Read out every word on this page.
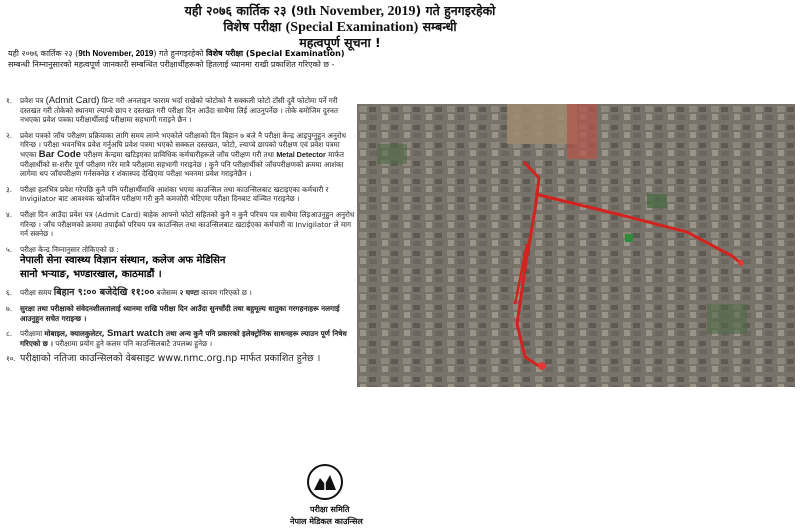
यही २०७६ कार्तिक २३ (9th November, 2019) गते हुनगइरहेको
विशेष परीक्षा (Special Examination) सम्बन्धी
महत्वपूर्ण सूचना !
यही २०७६ कार्तिक २३ (9th November, 2019) गते हुनगइरहेको विशेष परीक्षा (Special Examination) सम्बन्धी निम्नानुसारको महत्वपूर्ण जानकारी सम्बन्धित परीक्षार्थीहरूको हितलाई ध्यानमा राखी प्रकाशित गरिएको छ -
१. प्रवेश पत्र (Admit Card) प्रिन्ट गरी अनलाइन फाराम भर्दा राखेको फोटोको नै सक्कली फोटो टाँसी दुवै फोटोमा पर्ने गरी दस्तखत गरी तोकेको स्थानमा ल्याप्चे छाप र दस्तखत गरी परीक्षा दिन आउँदा साथैमा लिई आउनुपर्नेछ । तोके बमोजिम दुरुस्त नभएका प्रवेश पत्रका परीक्षार्थीलाई परीक्षामा सहभागी गराइने छैन ।
२. प्रवेश पत्रको जाँच परीक्षण प्रक्रियाका लागि समय लाग्ने भएकोले परीक्षाको दिन बिहान ७ बजे नै परीक्षा केन्द्र आइपुग्नुहुन अनुरोध गरिन्छ । परीक्षा भवनभित्र प्रवेश गर्नुअघि प्रवेश पत्रमा भएको सक्कल दस्तखत, फोटो, ल्याप्चे छापको परीक्षण एवं प्रवेश पत्रमा भएका Bar Code परीक्षण केन्द्रमा खटिइएका प्राविधिक कर्मचारीहरूले जाँच परीक्षण गरी तथा Metal Detector मार्फत परीक्षार्थीको स-शरीर पूर्ण परीक्षण गरेर मात्रै परीक्षामा सहभागी गराइनेछ । कुनै पनि परीक्षार्थीको जाँचपरीक्षणको क्रममा आशंका लागेमा थप जाँचपरीक्षण गर्नसक्नेछ र शंकास्पद देखिएमा परीक्षा भवनमा प्रवेश गराइनेछैन ।
३. परीक्षा हलभित्र प्रवेश गरेपछि कुनै पनि परीक्षार्थीमाथि आशंका भएमा काउन्सिल तथा काउन्सिलबाट खटाइएका कर्मचारी र Invigilator बाट आवश्यक खोजविन परीक्षण गरी कुनै कमजोरी भेटिएमा परीक्षा दिनबाट वञ्चित गराइनेछ ।
४. परीक्षा दिन आउँदा प्रवेश पत्र (Admit Card) बाहेक आफ्नो फोटो सहितको कुनै न कुनै परिचय पत्र साथैमा लिइआउनुहुन अनुरोध गरिन्छ । जाँच परीक्षणको क्रममा तपाईंको परिचय पत्र काउन्सिल तथा काउन्सिलबाट खटाईएका कर्मचारी वा Invigilator ले माग गर्न सक्नेछ ।
५. परीक्षा केन्द्र निम्नानुसार तोकिएको छ :
नेपाली सेना स्वास्थ्य विज्ञान संस्थान, कलेज अफ मेडिसिन
सानो भऱ्याङ, भण्डारखाल, काठमाडौं ।
६. परीक्षा समय बिहान ९:०० बजेदेखि ११:०० बजेसम्म २ घण्टा कायम गरिएको छ ।
७. सुरक्षा तथा परीक्षाको संवेदनशीलतालाई ध्यानमा राखि परीक्षा दिन आउँदा सुनचाँदी तथा बहुमूल्य धातुका गरगहनाहरू नलगाई आउनुहुन सचेत गराइन्छ ।
८. परीक्षामा मोबाइल, क्यालकुलेटर, Smart watch तथा अन्य कुनै पनि प्रकारको इलेक्ट्रोनिक साधनहरू ल्याउन पूर्ण निषेध गरिएको छ । परीक्षामा प्रयोग हुने कलम पनि काउन्सिलबाटै उपलब्ध हुनेछ ।
१०. परीक्षाको नतिजा काउन्सिलको वेबसाइट www.nmc.org.np मार्फत प्रकाशित हुनेछ ।
परीक्षा समिति
नेपाल मेडिकल काउन्सिल
